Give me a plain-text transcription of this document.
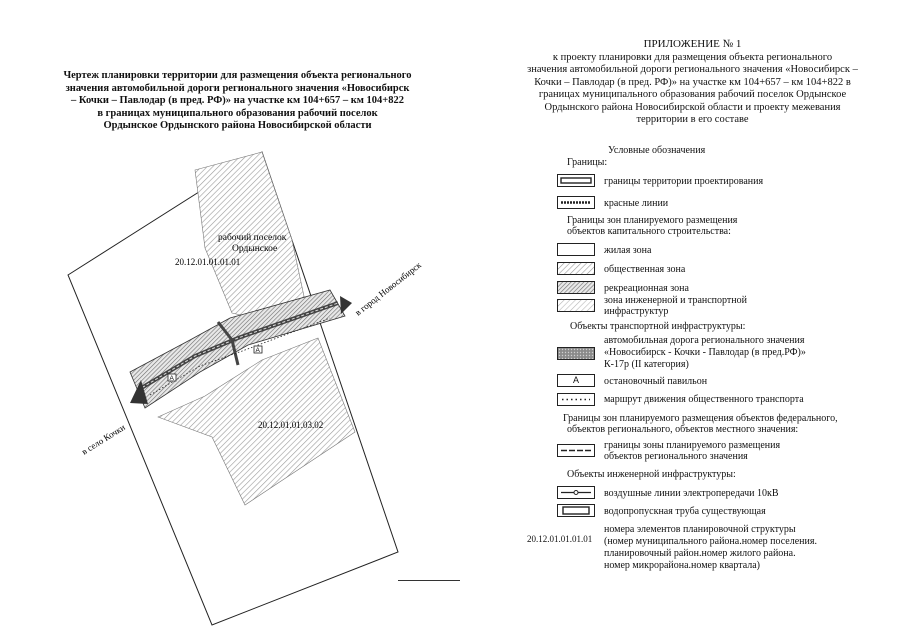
Чертеж планировки территории для размещения объекта регионального
значения автомобильной дороги регионального значения «Новосибирск
– Кочки – Павлодар (в пред. РФ)» на участке км 104+657 – км 104+822
в границах муниципального образования рабочий поселок
Ордынское Ордынского района Новосибирской области
ПРИЛОЖЕНИЕ № 1
к проекту планировки для размещения объекта регионального
значения автомобильной дороги регионального значения «Новосибирск –
Кочки – Павлодар (в пред. РФ)» на участке км 104+657 – км 104+822 в
границах муниципального образования рабочий поселок Ордынское
Ордынского района Новосибирской области и проекту межевания
территории в его составе
А
А
рабочий поселок
Ордынское
20.12.01.01.01.01
20.12.01.01.03.02
в город Новосибирск
в село Кочки
Условные обозначения
Границы:
границы территории проектирования
красные линии
Границы зон планируемого размещения
объектов капитального строительства:
жилая зона
общественная зона
рекреационная зона
зона инженерной и транспортной
инфраструктур
Объекты транспортной инфраструктуры:
автомобильная дорога регионального значения
«Новосибирск - Кочки - Павлодар (в пред.РФ)»
К-17р (II категория)
А	остановочный павильон
маршрут движения общественного транспорта
Границы зон планируемого размещения объектов федерального,
объектов регионального, объектов местного значения:
границы зоны планируемого размещения
объектов регионального значения
Объекты инженерной инфраструктуры:
воздушные линии электропередачи 10кВ
водопропускная труба существующая
20.12.01.01.01.01
номера элементов планировочной структуры
(номер муниципального района.номер поселения.
планировочный район.номер жилого района.
номер микрорайона.номер квартала)
